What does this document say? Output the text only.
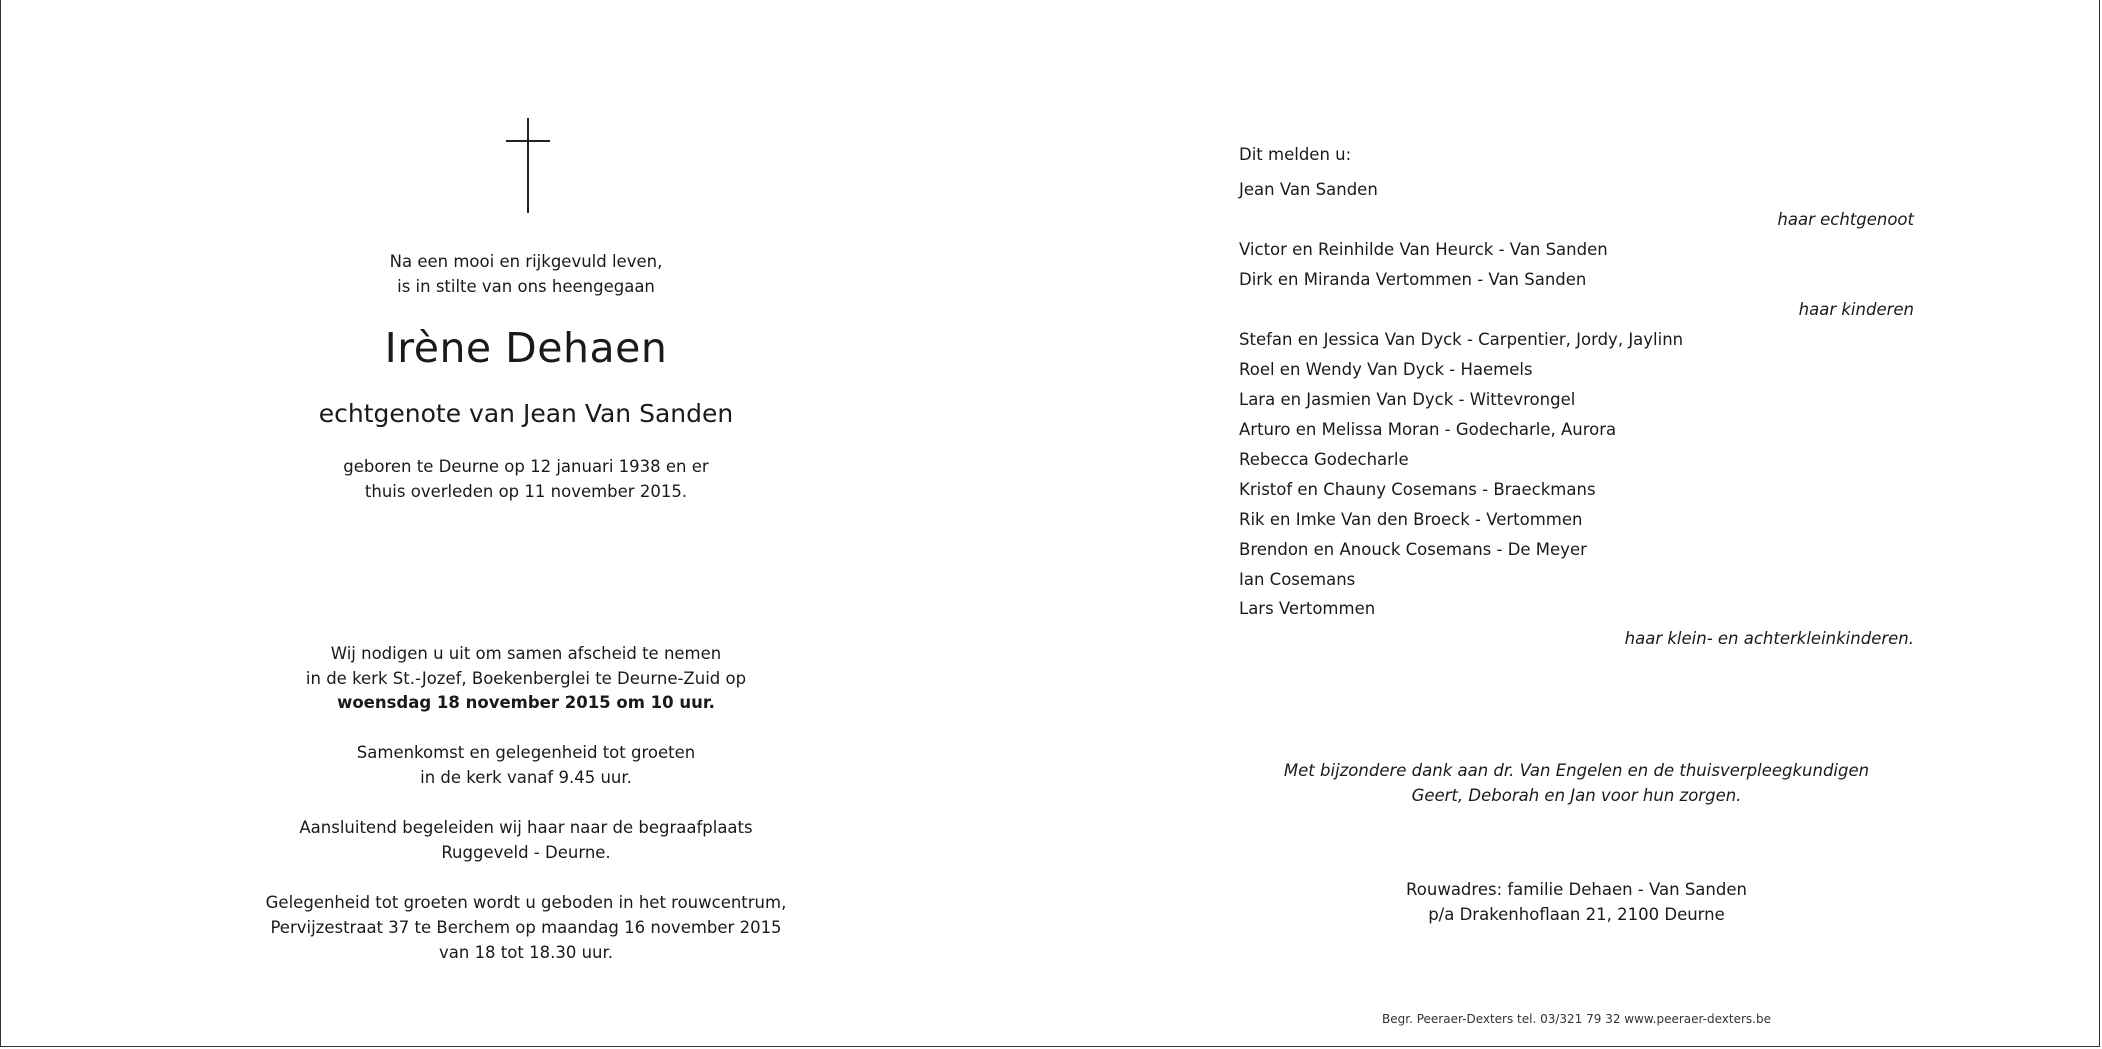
Na een mooi en rijkgevuld leven,
is in stilte van ons heengegaan
Irène Dehaen
echtgenote van Jean Van Sanden
geboren te Deurne op 12 januari 1938 en er
thuis overleden op 11 november 2015.
Wij nodigen u uit om samen afscheid te nemen
in de kerk St.-Jozef, Boekenberglei te Deurne-Zuid op
woensdag 18 november 2015 om 10 uur.
Samenkomst en gelegenheid tot groeten
in de kerk vanaf 9.45 uur.
Aansluitend begeleiden wij haar naar de begraafplaats
Ruggeveld - Deurne.
Gelegenheid tot groeten wordt u geboden in het rouwcentrum,
Pervijzestraat 37 te Berchem op maandag 16 november 2015
van 18 tot 18.30 uur.
Dit melden u:
Jean Van Sanden
haar echtgenoot
Victor en Reinhilde Van Heurck - Van Sanden
Dirk en Miranda Vertommen - Van Sanden
haar kinderen
Stefan en Jessica Van Dyck - Carpentier, Jordy, Jaylinn
Roel en Wendy Van Dyck - Haemels
Lara en Jasmien Van Dyck - Wittevrongel
Arturo en Melissa Moran - Godecharle, Aurora
Rebecca Godecharle
Kristof en Chauny Cosemans - Braeckmans
Rik en Imke Van den Broeck - Vertommen
Brendon en Anouck Cosemans - De Meyer
Ian Cosemans
Lars Vertommen
haar klein- en achterkleinkinderen.
Met bijzondere dank aan dr. Van Engelen en de thuisverpleegkundigen
Geert, Deborah en Jan voor hun zorgen.
Rouwadres: familie Dehaen - Van Sanden
p/a Drakenhoflaan 21, 2100 Deurne
Begr. Peeraer-Dexters tel. 03/321 79 32 www.peeraer-dexters.be
